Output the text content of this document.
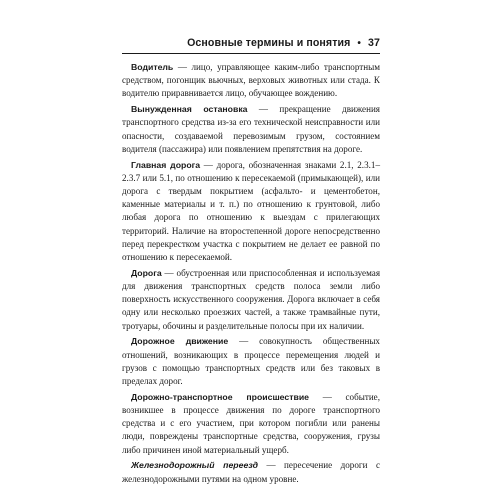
Основные термины и понятия • 37

Водитель — лицо, управляющее каким-либо транспортным средством, погонщик вьючных, верховых животных или стада. К водителю приравнивается лицо, обучающее вождению.

Вынужденная остановка — прекращение движения транспортного средства из-за его технической неисправности или опасности, создаваемой перевозимым грузом, состоянием водителя (пассажира) или появлением препятствия на дороге.

Главная дорога — дорога, обозначенная знаками 2.1, 2.3.1–2.3.7 или 5.1, по отношению к пересекаемой (примыкающей), или дорога с твердым покрытием (асфальто- и цементобетон, каменные материалы и т. п.) по отношению к грунтовой, либо любая дорога по отношению к выездам с прилегающих территорий. Наличие на второстепенной дороге непосредственно перед перекрестком участка с покрытием не делает ее равной по отношению к пересекаемой.

Дорога — обустроенная или приспособленная и используемая для движения транспортных средств полоса земли либо поверхность искусственного сооружения. Дорога включает в себя одну или несколько проезжих частей, а также трамвайные пути, тротуары, обочины и разделительные полосы при их наличии.

Дорожное движение — совокупность общественных отношений, возникающих в процессе перемещения людей и грузов с помощью транспортных средств или без таковых в пределах дорог.

Дорожно-транспортное происшествие — событие, возникшее в процессе движения по дороге транспортного средства и с его участием, при котором погибли или ранены люди, повреждены транспортные средства, сооружения, грузы либо причинен иной материальный ущерб.

Железнодорожный переезд — пересечение дороги с железнодорожными путями на одном уровне.
